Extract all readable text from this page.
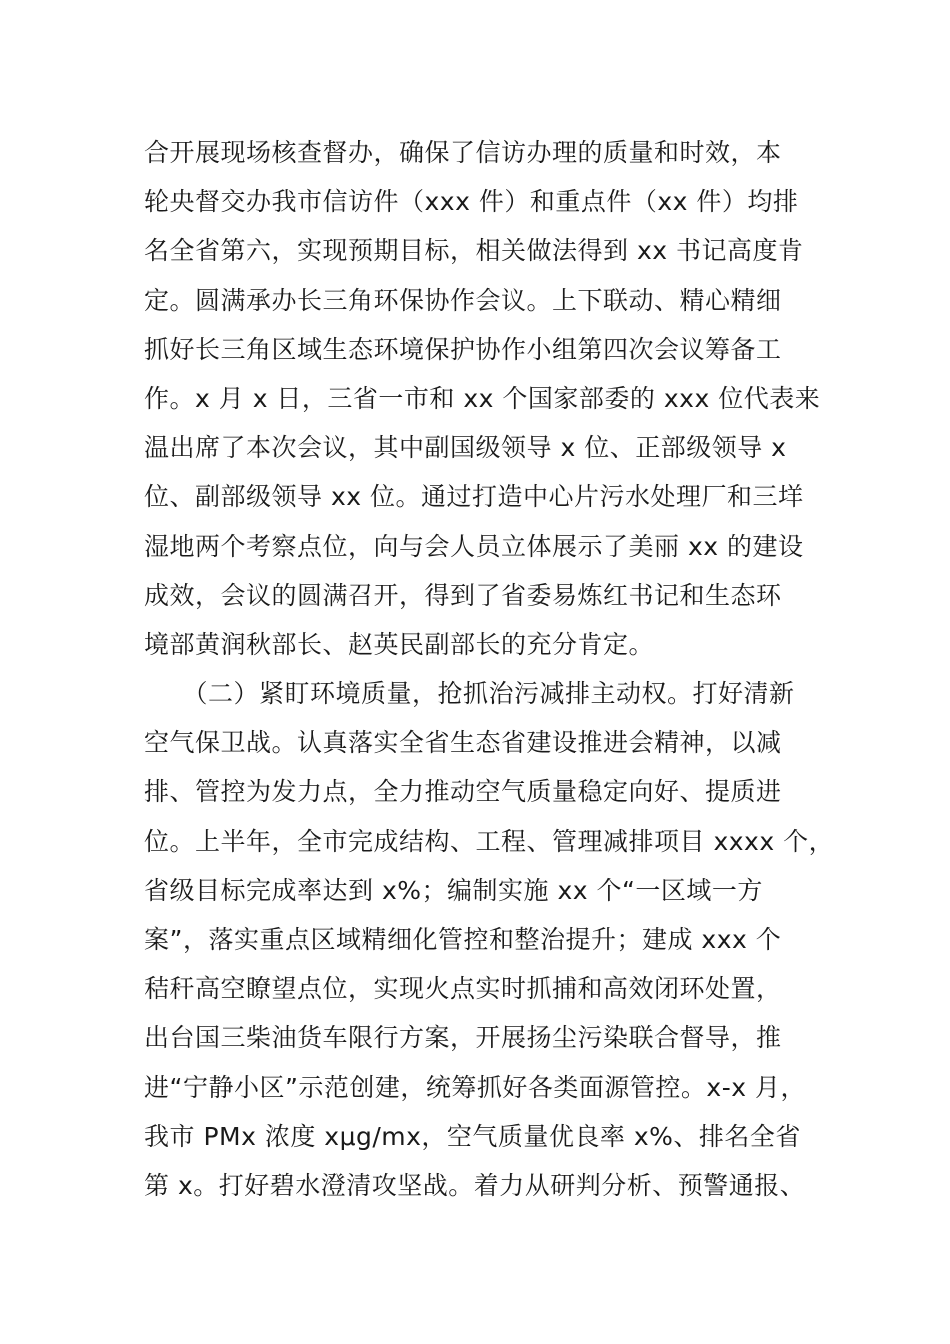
合开展现场核查督办，确保了信访办理的质量和时效，本
轮央督交办我市信访件（xxx 件）和重点件（xx 件）均排
名全省第六，实现预期目标，相关做法得到 xx 书记高度肯
定。圆满承办长三角环保协作会议。上下联动、精心精细
抓好长三角区域生态环境保护协作小组第四次会议筹备工
作。x 月 x 日，三省一市和 xx 个国家部委的 xxx 位代表来
温出席了本次会议，其中副国级领导 x 位、正部级领导 x
位、副部级领导 xx 位。通过打造中心片污水处理厂和三垟
湿地两个考察点位，向与会人员立体展示了美丽 xx 的建设
成效，会议的圆满召开，得到了省委易炼红书记和生态环
境部黄润秋部长、赵英民副部长的充分肯定。
　　（二）紧盯环境质量，抢抓治污减排主动权。打好清新
空气保卫战。认真落实全省生态省建设推进会精神，以减
排、管控为发力点，全力推动空气质量稳定向好、提质进
位。上半年，全市完成结构、工程、管理减排项目 xxxx 个，
省级目标完成率达到 x%；编制实施 xx 个“一区域一方
案”，落实重点区域精细化管控和整治提升；建成 xxx 个
秸秆高空瞭望点位，实现火点实时抓捕和高效闭环处置，
出台国三柴油货车限行方案，开展扬尘污染联合督导，推
进“宁静小区”示范创建，统筹抓好各类面源管控。x-x 月，
我市 PMx 浓度 xμg/mx，空气质量优良率 x%、排名全省
第 x。打好碧水澄清攻坚战。着力从研判分析、预警通报、
